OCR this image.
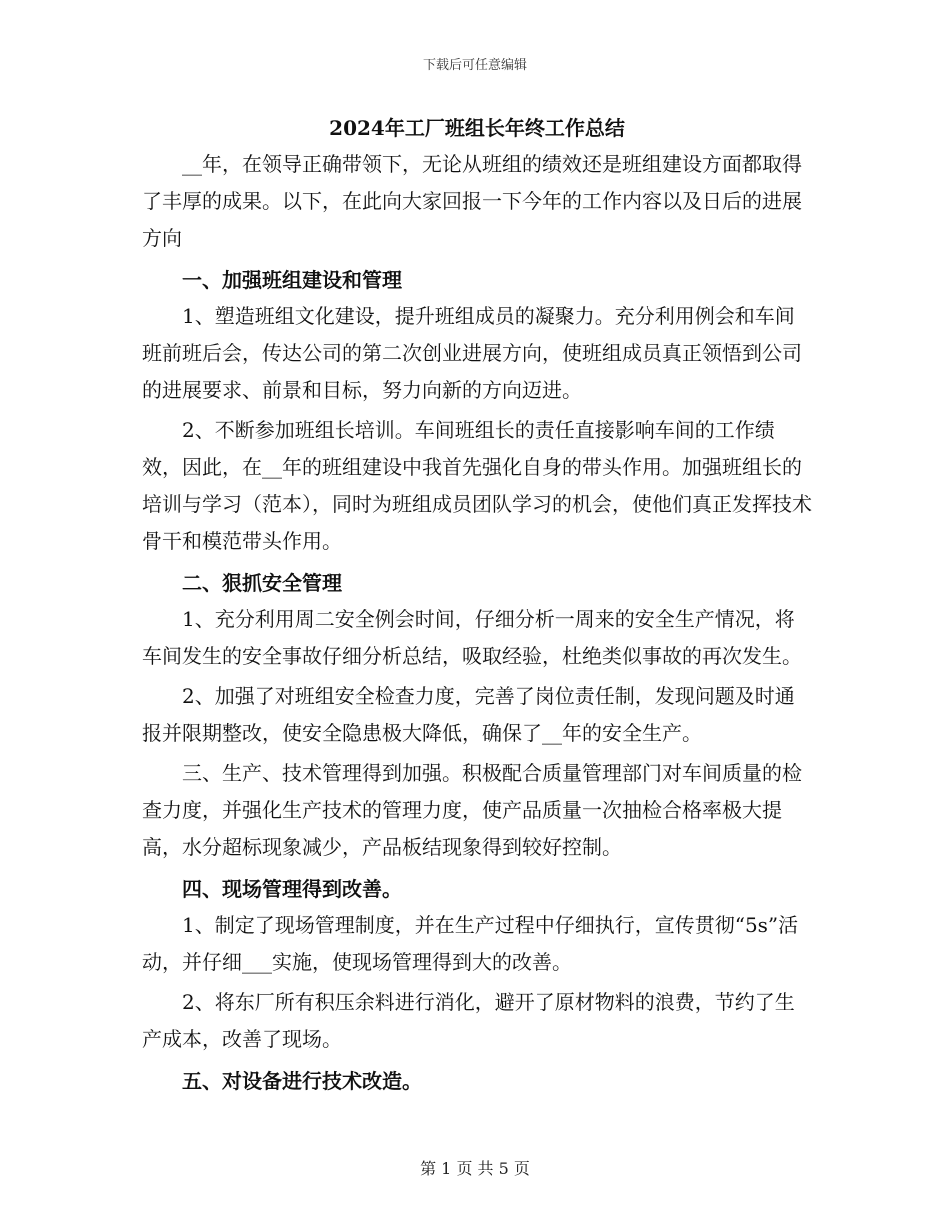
下载后可任意编辑
2024年工厂班组长年终工作总结

__年，在领导正确带领下，无论从班组的绩效还是班组建设方面都取得了丰厚的成果。以下，在此向大家回报一下今年的工作内容以及日后的进展方向

一、加强班组建设和管理

1、塑造班组文化建设，提升班组成员的凝聚力。充分利用例会和车间班前班后会，传达公司的第二次创业进展方向，使班组成员真正领悟到公司的进展要求、前景和目标，努力向新的方向迈进。

2、不断参加班组长培训。车间班组长的责任直接影响车间的工作绩效，因此，在__年的班组建设中我首先强化自身的带头作用。加强班组长的培训与学习（范本），同时为班组成员团队学习的机会，使他们真正发挥技术骨干和模范带头作用。

二、狠抓安全管理

1、充分利用周二安全例会时间，仔细分析一周来的安全生产情况，将车间发生的安全事故仔细分析总结，吸取经验，杜绝类似事故的再次发生。

2、加强了对班组安全检查力度，完善了岗位责任制，发现问题及时通报并限期整改，使安全隐患极大降低，确保了__年的安全生产。

三、生产、技术管理得到加强。积极配合质量管理部门对车间质量的检查力度，并强化生产技术的管理力度，使产品质量一次抽检合格率极大提高，水分超标现象减少，产品板结现象得到较好控制。

四、现场管理得到改善。

1、制定了现场管理制度，并在生产过程中仔细执行，宣传贯彻“5s”活动，并仔细___实施，使现场管理得到大的改善。

2、将东厂所有积压余料进行消化，避开了原材物料的浪费，节约了生产成本，改善了现场。

五、对设备进行技术改造。

第 1 页 共 5 页
